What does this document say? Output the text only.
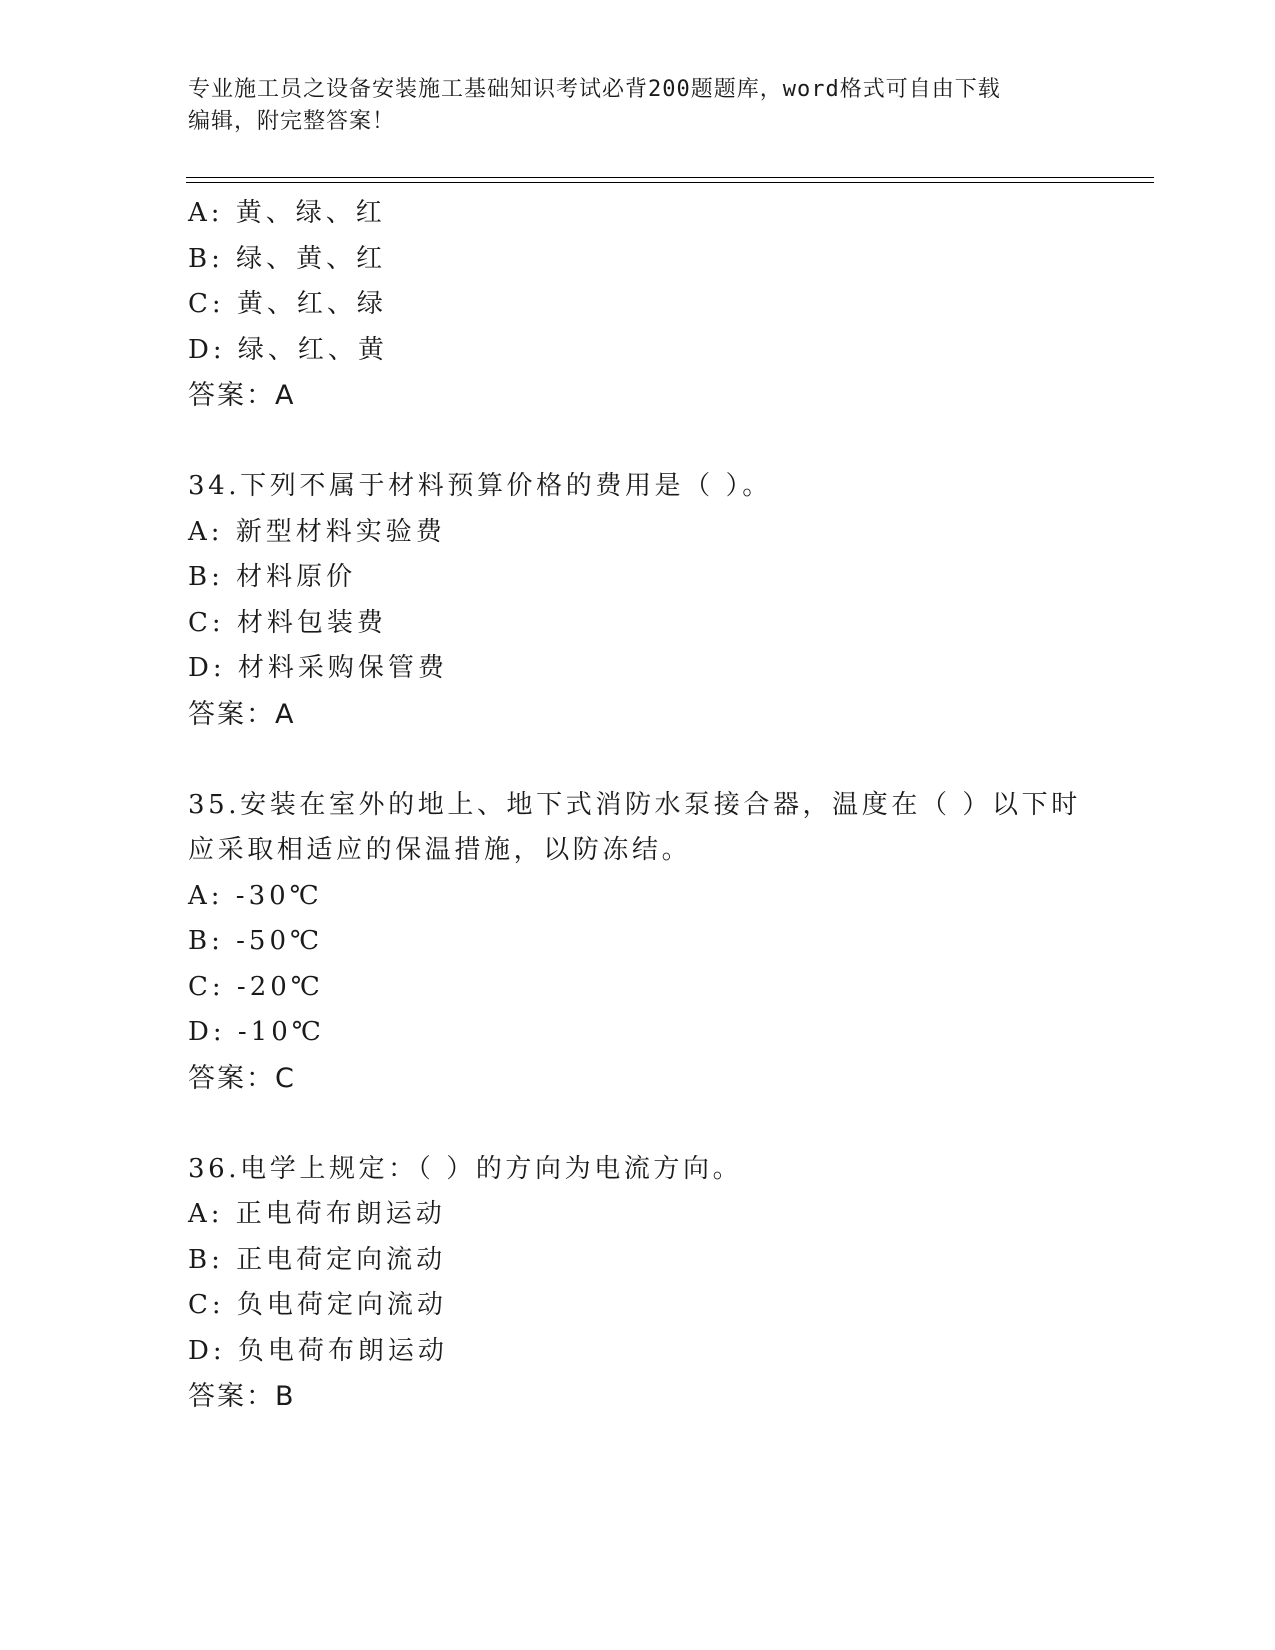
专业施工员之设备安装施工基础知识考试必背200题题库，word格式可自由下载
编辑，附完整答案！
A: 黄、绿、红
B: 绿、黄、红
C: 黄、红、绿
D: 绿、红、黄
答案：A
34.下列不属于材料预算价格的费用是（ ）。
A: 新型材料实验费
B: 材料原价
C: 材料包装费
D: 材料采购保管费
答案：A
35.安装在室外的地上、地下式消防水泵接合器，温度在（ ）以下时
应采取相适应的保温措施，以防冻结。
A: -30℃
B: -50℃
C: -20℃
D: -10℃
答案：C
36.电学上规定：（ ）的方向为电流方向。
A: 正电荷布朗运动
B: 正电荷定向流动
C: 负电荷定向流动
D: 负电荷布朗运动
答案：B
